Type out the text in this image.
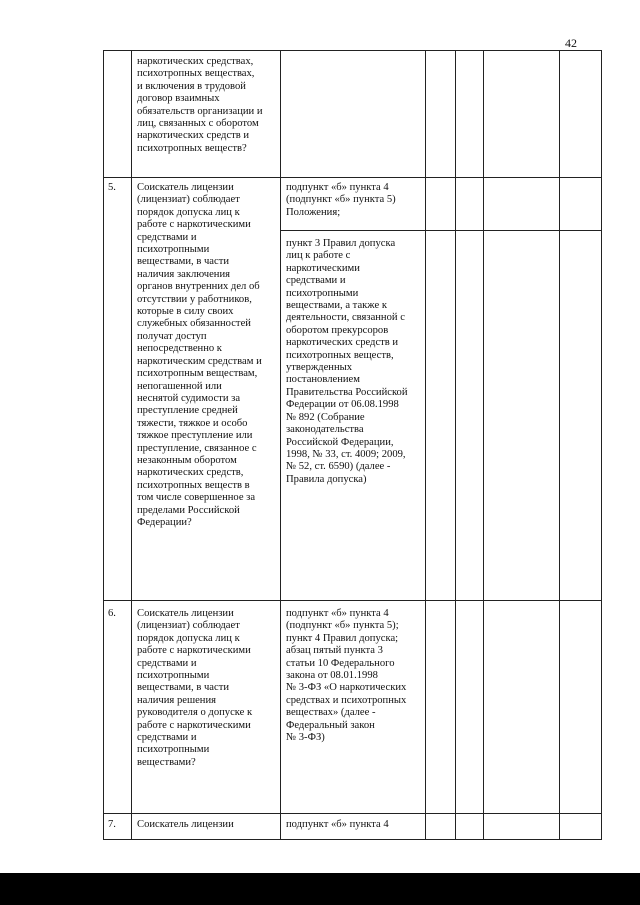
42
наркотических средствах,
психотропных веществах,
и включения в трудовой
договор взаимных
обязательств организации и
лиц, связанных с оборотом
наркотических средств и
психотропных веществ?
5. Соискатель лицензии
(лицензиат) соблюдает
порядок допуска лиц к
работе с наркотическими
средствами и
психотропными
веществами, в части
наличия заключения
органов внутренних дел об
отсутствии у работников,
которые в силу своих
служебных обязанностей
получат доступ
непосредственно к
наркотическим средствам и
психотропным веществам,
непогашенной или
неснятой судимости за
преступление средней
тяжести, тяжкое и особо
тяжкое преступление или
преступление, связанное с
незаконным оборотом
наркотических средств,
психотропных веществ в
том числе совершенное за
пределами Российской
Федерации?
подпункт «б» пункта 4
(подпункт «б» пункта 5)
Положения;
пункт 3 Правил допуска
лиц к работе с
наркотическими
средствами и
психотропными
веществами, а также к
деятельности, связанной с
оборотом прекурсоров
наркотических средств и
психотропных веществ,
утвержденных
постановлением
Правительства Российской
Федерации от 06.08.1998
№ 892 (Собрание
законодательства
Российской Федерации,
1998, № 33, ст. 4009; 2009,
№ 52, ст. 6590) (далее -
Правила допуска)
6. Соискатель лицензии
(лицензиат) соблюдает
порядок допуска лиц к
работе с наркотическими
средствами и
психотропными
веществами, в части
наличия решения
руководителя о допуске к
работе с наркотическими
средствами и
психотропными
веществами?
подпункт «б» пункта 4
(подпункт «б» пункта 5);
пункт 4 Правил допуска;
абзац пятый пункта 3
статьи 10 Федерального
закона от 08.01.1998
№ 3-ФЗ «О наркотических
средствах и психотропных
веществах» (далее -
Федеральный закон
№ 3-ФЗ)
7. Соискатель лицензии	подпункт «б» пункта 4
